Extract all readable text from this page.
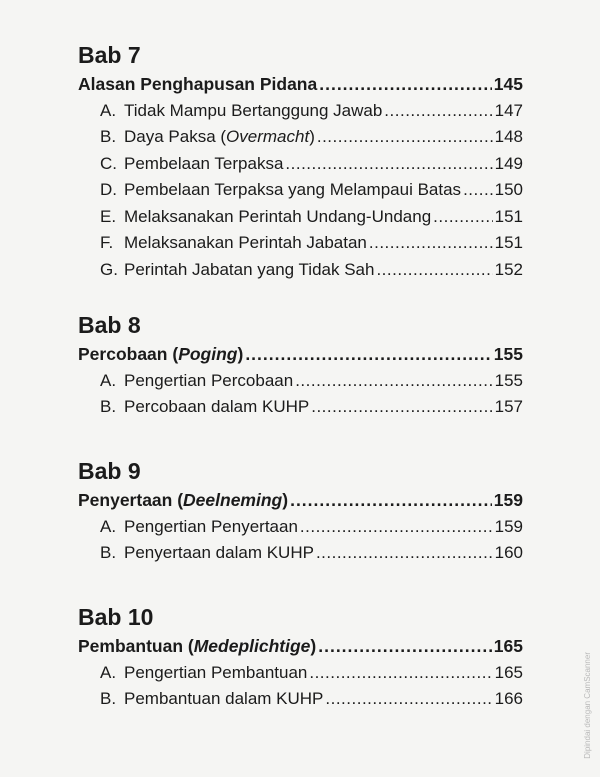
Bab 7
Alasan Penghapusan Pidana .....	145
A. Tidak Mampu Bertanggung Jawab .....	147
B. Daya Paksa (Overmacht) .....	148
C. Pembelaan Terpaksa .....	149
D. Pembelaan Terpaksa yang Melampaui Batas ..... 150
E. Melaksanakan Perintah Undang-Undang .....	151
F. Melaksanakan Perintah Jabatan .....	151
G. Perintah Jabatan yang Tidak Sah .....	152
Bab 8
Percobaan (Poging) .....	155
A. Pengertian Percobaan .....	155
B. Percobaan dalam KUHP .....	157
Bab 9
Penyertaan (Deelneming) .....	159
A. Pengertian Penyertaan .....	159
B. Penyertaan dalam KUHP .....	160
Bab 10
Pembantuan (Medeplichtige) .....	165
A. Pengertian Pembantuan .....	165
B. Pembantuan dalam KUHP .....	166	Dipindai dengan CamScanner
